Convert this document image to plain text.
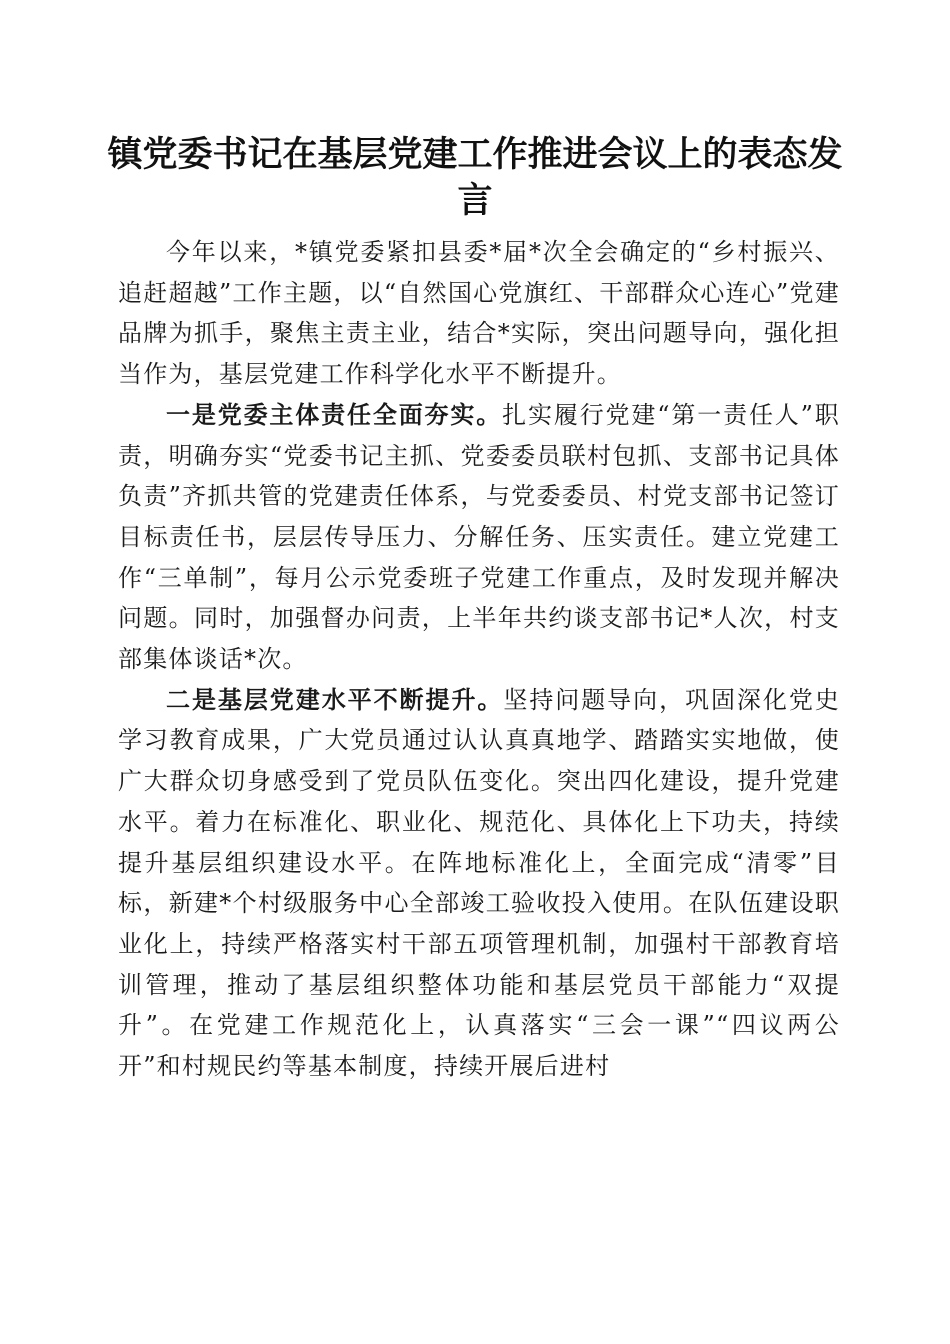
镇党委书记在基层党建工作推进会议上的表态发言

今年以来，*镇党委紧扣县委*届*次全会确定的“乡村振兴、追赶超越”工作主题，以“自然国心党旗红、干部群众心连心”党建品牌为抓手，聚焦主责主业，结合*实际，突出问题导向，强化担当作为，基层党建工作科学化水平不断提升。

一是党委主体责任全面夯实。扎实履行党建“第一责任人”职责，明确夯实“党委书记主抓、党委委员联村包抓、支部书记具体负责”齐抓共管的党建责任体系，与党委委员、村党支部书记签订目标责任书，层层传导压力、分解任务、压实责任。建立党建工作“三单制”，每月公示党委班子党建工作重点，及时发现并解决问题。同时，加强督办问责，上半年共约谈支部书记*人次，村支部集体谈话*次。

二是基层党建水平不断提升。坚持问题导向，巩固深化党史学习教育成果，广大党员通过认认真真地学、踏踏实实地做，使广大群众切身感受到了党员队伍变化。突出四化建设，提升党建水平。着力在标准化、职业化、规范化、具体化上下功夫，持续提升基层组织建设水平。在阵地标准化上，全面完成“清零”目标，新建*个村级服务中心全部竣工验收投入使用。在队伍建设职业化上，持续严格落实村干部五项管理机制，加强村干部教育培训管理，推动了基层组织整体功能和基层党员干部能力“双提升”。在党建工作规范化上，认真落实“三会一课”“四议两公开”和村规民约等基本制度，持续开展后进村
